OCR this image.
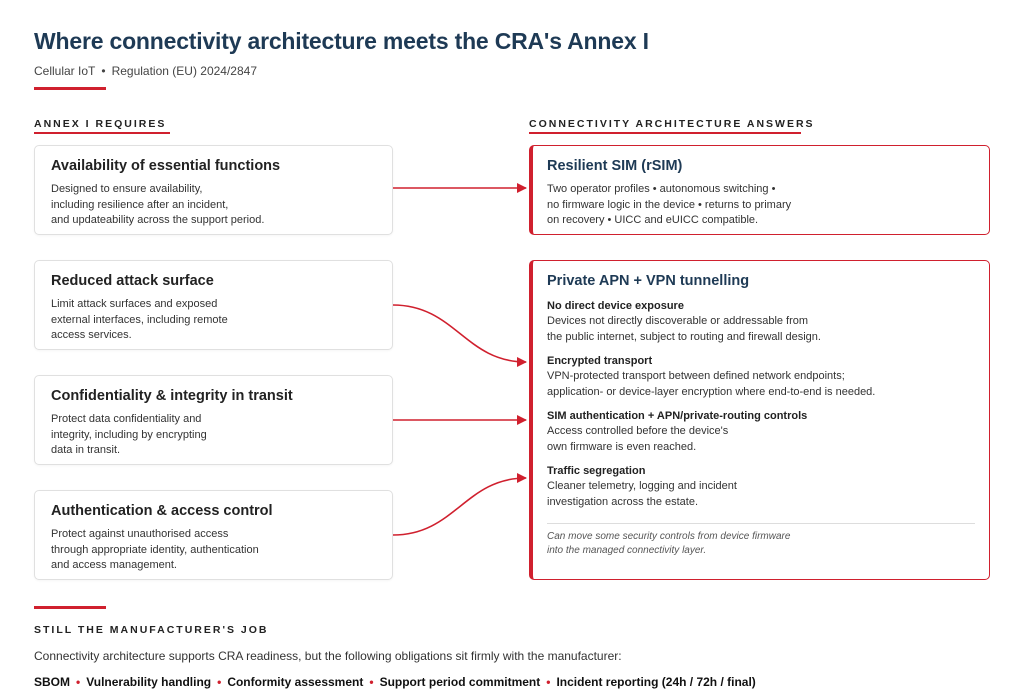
Where connectivity architecture meets the CRA's Annex I
Cellular IoT • Regulation (EU) 2024/2847
ANNEX I REQUIRES	CONNECTIVITY ARCHITECTURE ANSWERS
Availability of essential functions

Designed to ensure availability,
including resilience after an incident,
and updateability across the support period.

Reduced attack surface

Limit attack surfaces and exposed
external interfaces, including remote
access services.

Confidentiality & integrity in transit

Protect data confidentiality and
integrity, including by encrypting
data in transit.

Authentication & access control

Protect against unauthorised access
through appropriate identity, authentication
and access management.

Resilient SIM (rSIM)

Two operator profiles • autonomous switching •
no firmware logic in the device • returns to primary
on recovery • UICC and eUICC compatible.

Private APN + VPN tunnelling
No direct device exposure

Devices not directly discoverable or addressable from
the public internet, subject to routing and firewall design.

Encrypted transport

VPN-protected transport between defined network endpoints;
application- or device-layer encryption where end-to-end is needed.

SIM authentication + APN/private-routing controls

Access controlled before the device's
own firmware is even reached.

Traffic segregation

Cleaner telemetry, logging and incident
investigation across the estate.

Can move some security controls from device firmware
into the managed connectivity layer.
STILL THE MANUFACTURER'S JOB
Connectivity architecture supports CRA readiness, but the following obligations sit firmly with the manufacturer:
SBOM • Vulnerability handling • Conformity assessment • Support period commitment • Incident reporting (24h / 72h / final)
